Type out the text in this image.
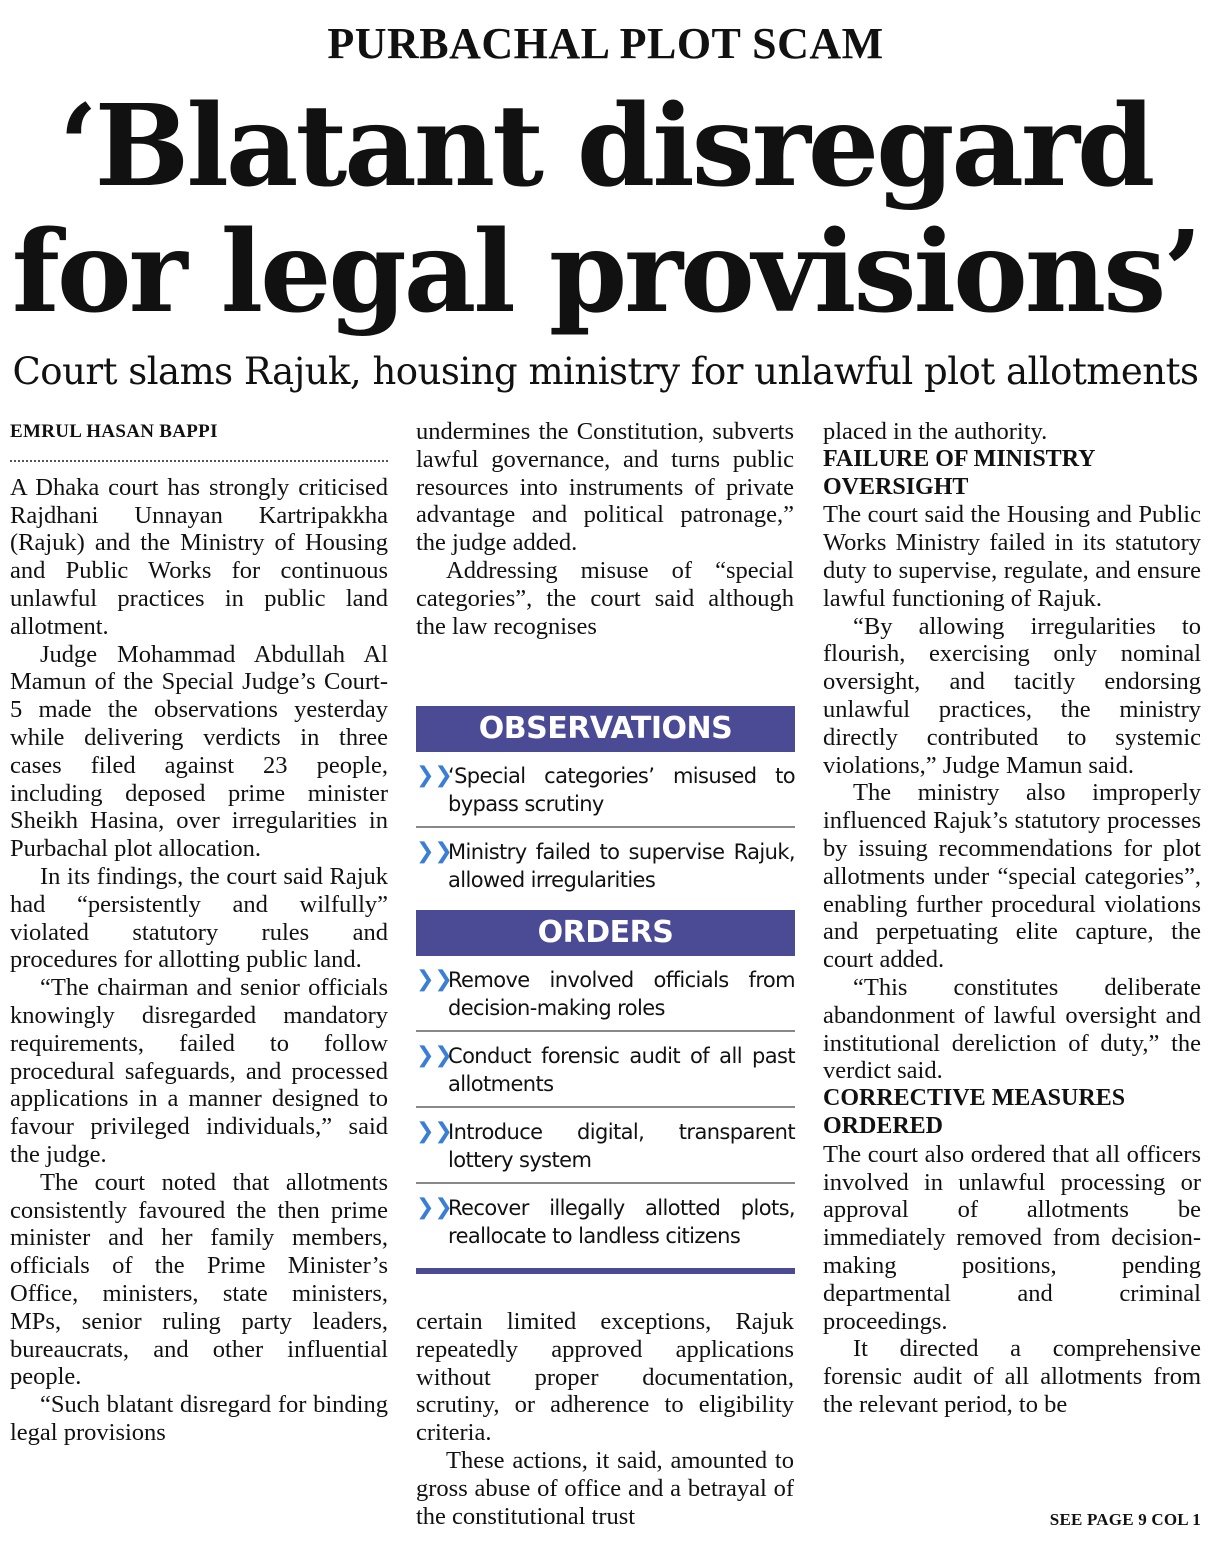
PURBACHAL PLOT SCAM
‘Blatant disregard
for legal provisions’
Court slams Rajuk, housing ministry for unlawful plot allotments
EMRUL HASAN BAPPI

A Dhaka court has strongly criticised Rajdhani Unnayan Kartripakkha (Rajuk) and the Ministry of Housing and Public Works for continuous unlawful practices in public land allotment.

Judge Mohammad Abdullah Al Mamun of the Special Judge’s Court-5 made the observations yesterday while delivering verdicts in three cases filed against 23 people, including deposed prime minister Sheikh Hasina, over irregularities in Purbachal plot allocation.

In its findings, the court said Rajuk had “persistently and wilfully” violated statutory rules and procedures for allotting public land.

“The chairman and senior officials knowingly disregarded mandatory requirements, failed to follow procedural safeguards, and processed applications in a manner designed to favour privileged individuals,” said the judge.

The court noted that allotments consistently favoured the then prime minister and her family members, officials of the Prime Minister’s Office, ministers, state ministers, MPs, senior ruling party leaders, bureaucrats, and other influential people.

“Such blatant disregard for binding legal provisions

undermines the Constitution, subverts lawful governance, and turns public resources into instruments of private advantage and political patronage,” the judge added.

Addressing misuse of “special categories”, the court said although the law recognises

OBSERVATIONS
❯❯
‘Special categories’ misused to bypass scrutiny
❯❯
Ministry failed to supervise Rajuk, allowed irregularities
ORDERS
❯❯
Remove involved officials from decision-making roles
❯❯
Conduct forensic audit of all past allotments
❯❯
Introduce digital, transparent lottery system
❯❯
Recover illegally allotted plots, reallocate to landless citizens

certain limited exceptions, Rajuk repeatedly approved applications without proper documentation, scrutiny, or adherence to eligibility criteria.

These actions, it said, amounted to gross abuse of office and a betrayal of the constitutional trust

placed in the authority.

FAILURE OF MINISTRY OVERSIGHT

The court said the Housing and Public Works Ministry failed in its statutory duty to supervise, regulate, and ensure lawful functioning of Rajuk.

“By allowing irregularities to flourish, exercising only nominal oversight, and tacitly endorsing unlawful practices, the ministry directly contributed to systemic violations,” Judge Mamun said.

The ministry also improperly influenced Rajuk’s statutory processes by issuing recommendations for plot allotments under “special categories”, enabling further procedural violations and perpetuating elite capture, the court added.

“This constitutes deliberate abandonment of lawful oversight and institutional dereliction of duty,” the verdict said.

CORRECTIVE MEASURES ORDERED

The court also ordered that all officers involved in unlawful processing or approval of allotments be immediately removed from decision-making positions, pending departmental and criminal proceedings.

It directed a comprehensive forensic audit of all allotments from the relevant period, to be

SEE PAGE 9 COL 1
